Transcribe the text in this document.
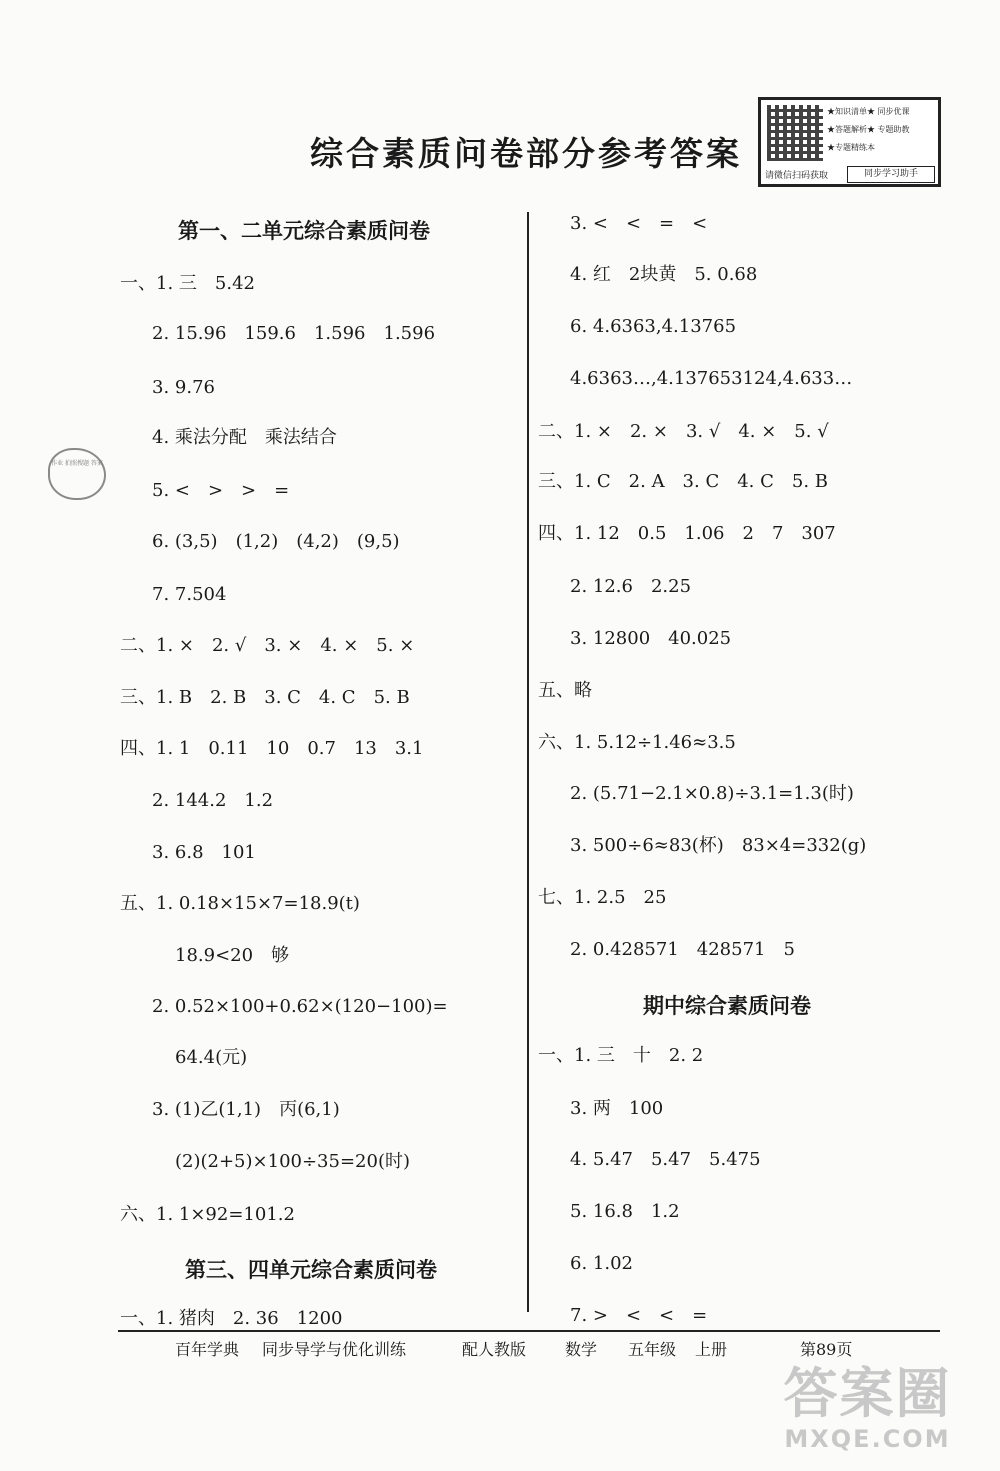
综合素质问卷部分参考答案
★知识清单★ 同步优课
★答题解析★ 专题助教
★专题精练本
请微信扫码获取	同步学习助手
作业 拍照搜题 答案
第一、二单元综合素质问卷
一、1. 三　5.42
2. 15.96　159.6　1.596　1.596
3. 9.76
4. 乘法分配　乘法结合
5. <　>　>　=
6. (3,5)　(1,2)　(4,2)　(9,5)
7. 7.504
二、1. ×　2. √　3. ×　4. ×　5. ×
三、1. B　2. B　3. C　4. C　5. B
四、1. 1　0.11　10　0.7　13　3.1
2. 144.2　1.2
3. 6.8　101
五、1. 0.18×15×7=18.9(t)
18.9<20　够
2. 0.52×100+0.62×(120−100)=
64.4(元)
3. (1)乙(1,1)　丙(6,1)
(2)(2+5)×100÷35=20(时)
六、1. 1×92=101.2
第三、四单元综合素质问卷
一、1. 猪肉　2. 36　1200
3. <　<　=　<
4. 红　2块黄　5. 0.68
6. 4.6363,4.13765
4.6363…,4.137653124,4.633…
二、1. ×　2. ×　3. √　4. ×　5. √
三、1. C　2. A　3. C　4. C　5. B
四、1. 12　0.5　1.06　2　7　307
2. 12.6　2.25
3. 12800　40.025
五、略
六、1. 5.12÷1.46≈3.5
2. (5.71−2.1×0.8)÷3.1=1.3(时)
3. 500÷6≈83(杯)　83×4=332(g)
七、1. 2.5　25
2. 0.428571　428571　5
期中综合素质问卷
一、1. 三　十　2. 2
3. 两　100
4. 5.47　5.47　5.475
5. 16.8　1.2
6. 1.02
7. >　<　<　=
百年学典 同步导学与优化训练	配人教版 数学 五年级 上册	第89页
答案圈
MXQE.COM
